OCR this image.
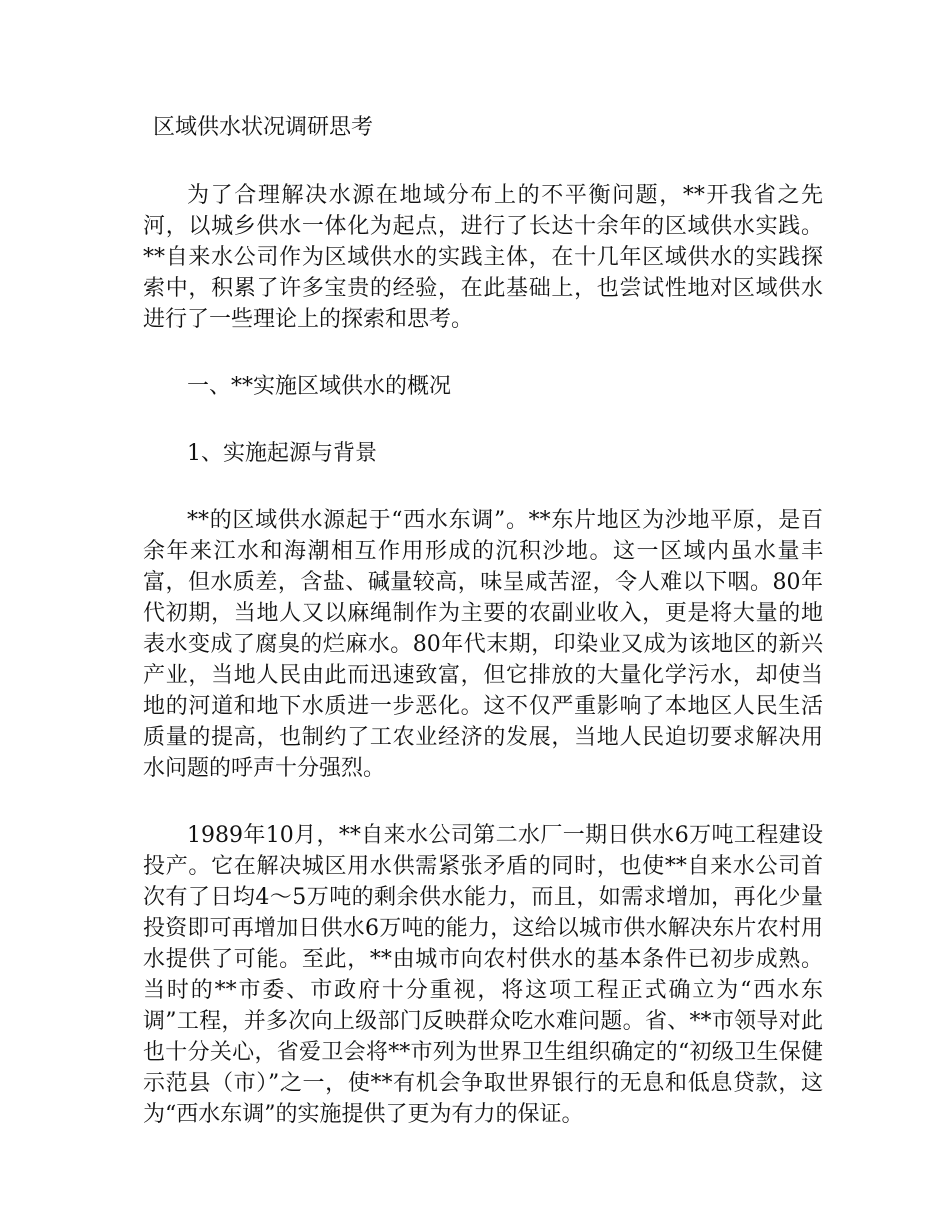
区域供水状况调研思考

为了合理解决水源在地域分布上的不平衡问题，**开我省之先河，以城乡供水一体化为起点，进行了长达十余年的区域供水实践。**自来水公司作为区域供水的实践主体，在十几年区域供水的实践探索中，积累了许多宝贵的经验，在此基础上，也尝试性地对区域供水进行了一些理论上的探索和思考。

一、**实施区域供水的概况

1、实施起源与背景

**的区域供水源起于“西水东调”。**东片地区为沙地平原，是百余年来江水和海潮相互作用形成的沉积沙地。这一区域内虽水量丰富，但水质差，含盐、碱量较高，味呈咸苦涩，令人难以下咽。80年代初期，当地人又以麻绳制作为主要的农副业收入，更是将大量的地表水变成了腐臭的烂麻水。80年代末期，印染业又成为该地区的新兴产业，当地人民由此而迅速致富，但它排放的大量化学污水，却使当地的河道和地下水质进一步恶化。这不仅严重影响了本地区人民生活质量的提高，也制约了工农业经济的发展，当地人民迫切要求解决用水问题的呼声十分强烈。

1989年10月，**自来水公司第二水厂一期日供水6万吨工程建设投产。它在解决城区用水供需紧张矛盾的同时，也使**自来水公司首次有了日均4～5万吨的剩余供水能力，而且，如需求增加，再化少量投资即可再增加日供水6万吨的能力，这给以城市供水解决东片农村用水提供了可能。至此，**由城市向农村供水的基本条件已初步成熟。当时的**市委、市政府十分重视，将这项工程正式确立为“西水东调”工程，并多次向上级部门反映群众吃水难问题。省、**市领导对此也十分关心，省爱卫会将**市列为世界卫生组织确定的“初级卫生保健示范县（市）”之一，使**有机会争取世界银行的无息和低息贷款，这为“西水东调”的实施提供了更为有力的保证。
